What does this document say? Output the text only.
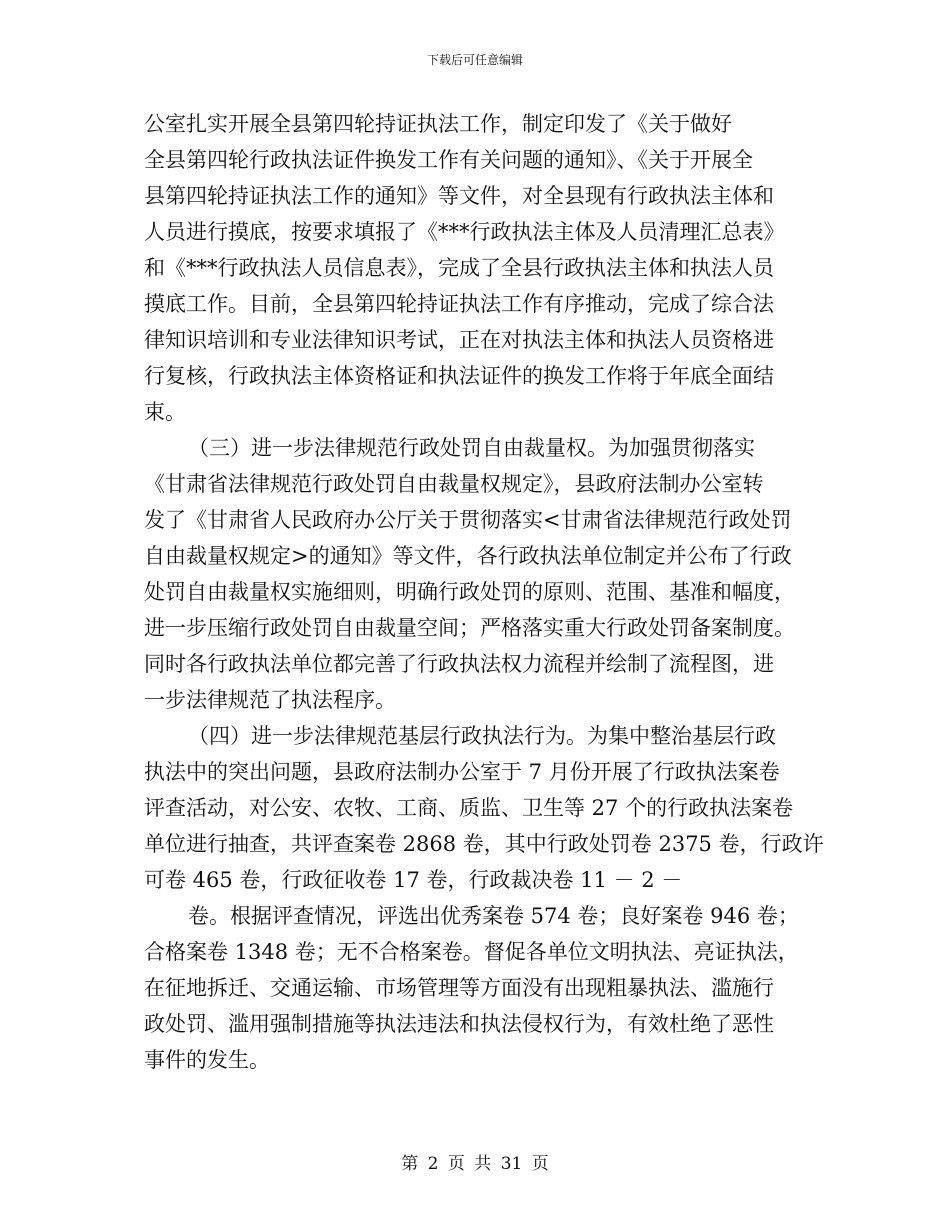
下载后可任意编辑
公室扎实开展全县第四轮持证执法工作，制定印发了《关于做好
全县第四轮行政执法证件换发工作有关问题的通知》、《关于开展全
县第四轮持证执法工作的通知》等文件，对全县现有行政执法主体和
人员进行摸底，按要求填报了《***行政执法主体及人员清理汇总表》
和《***行政执法人员信息表》，完成了全县行政执法主体和执法人员
摸底工作。目前，全县第四轮持证执法工作有序推动，完成了综合法
律知识培训和专业法律知识考试，正在对执法主体和执法人员资格进
行复核，行政执法主体资格证和执法证件的换发工作将于年底全面结
束。
（三）进一步法律规范行政处罚自由裁量权。为加强贯彻落实
《甘肃省法律规范行政处罚自由裁量权规定》，县政府法制办公室转
发了《甘肃省人民政府办公厅关于贯彻落实<甘肃省法律规范行政处罚
自由裁量权规定>的通知》等文件，各行政执法单位制定并公布了行政
处罚自由裁量权实施细则，明确行政处罚的原则、范围、基准和幅度，
进一步压缩行政处罚自由裁量空间；严格落实重大行政处罚备案制度。
同时各行政执法单位都完善了行政执法权力流程并绘制了流程图，进
一步法律规范了执法程序。
（四）进一步法律规范基层行政执法行为。为集中整治基层行政
执法中的突出问题，县政府法制办公室于 7 月份开展了行政执法案卷
评查活动，对公安、农牧、工商、质监、卫生等 27 个的行政执法案卷
单位进行抽查，共评查案卷 2868 卷，其中行政处罚卷 2375 卷，行政许
可卷 465 卷，行政征收卷 17 卷，行政裁决卷 11 － 2 －
卷。根据评查情况，评选出优秀案卷 574 卷；良好案卷 946 卷；
合格案卷 1348 卷；无不合格案卷。督促各单位文明执法、亮证执法，
在征地拆迁、交通运输、市场管理等方面没有出现粗暴执法、滥施行
政处罚、滥用强制措施等执法违法和执法侵权行为，有效杜绝了恶性
事件的发生。
第 2 页 共 31 页
